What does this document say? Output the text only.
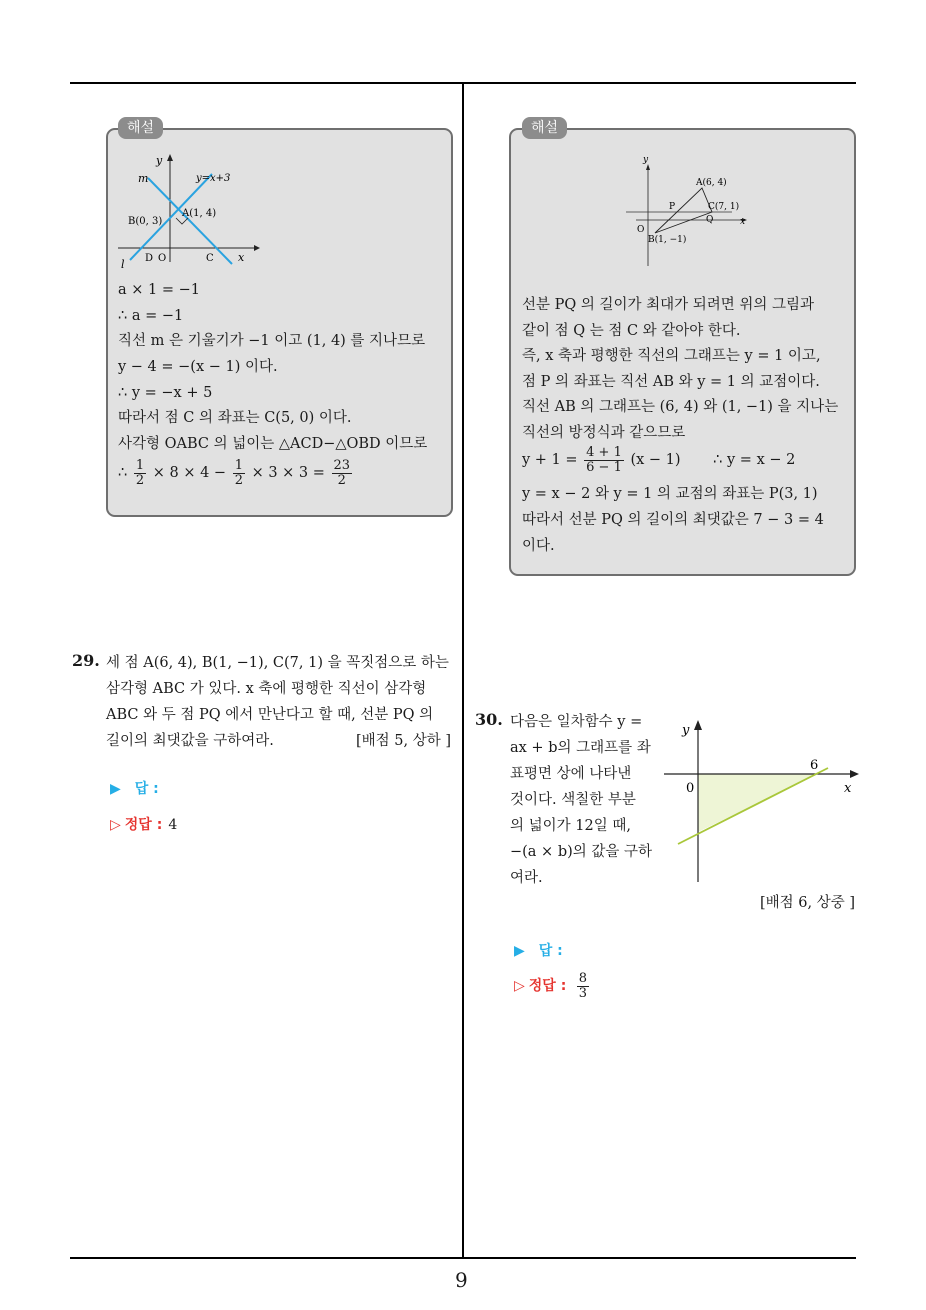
해설
y
m	y=x+3
A(1, 4)
B(0, 3)
D O	C x
l
a × 1 = −1
∴ a = −1
직선 m 은 기울기가 −1 이고 (1, 4) 를 지나므로
y − 4 = −(x − 1) 이다.
∴ y = −x + 5
따라서 점 C 의 좌표는 C(5, 0) 이다.
사각형 OABC 의 넓이는 △ACD−△OBD 이므로
∴ $\frac{1}{2} \times 8 \times 4 - \frac{1}{2} \times 3 \times 3 = \frac{23}{2}$
해설
y
A(6, 4)
C(7, 1)
P
Q	x
O
B(1, −1)
선분 PQ 의 길이가 최대가 되려면 위의 그림과
같이 점 Q 는 점 C 와 같아야 한다.
즉, x 축과 평행한 직선의 그래프는 y = 1 이고,
점 P 의 좌표는 직선 AB 와 y = 1 의 교점이다.
직선 AB 의 그래프는 (6, 4) 와 (1, −1) 을 지나는
직선의 방정식과 같으므로
$y + 1 = \frac{4 + 1}{6 - 1} (x - 1)$ ∴ y = x − 2
y = x − 2 와 y = 1 의 교점의 좌표는 P(3, 1)
따라서 선분 PQ 의 길이의 최댓값은 7 − 3 = 4
이다.
29. 세 점 A(6, 4), B(1, −1), C(7, 1) 을 꼭짓점으로 하는
삼각형 ABC 가 있다. x 축에 평행한 직선이 삼각형
ABC 와 두 점 PQ 에서 만난다고 할 때, 선분 PQ 의
길이의 최댓값을 구하여라.	[배점 5, 상하 ]
▶ 답 :
▷ 정답 : 4
30. 다음은 일차함수 y =
ax + b의 그래프를 좌
표평면 상에 나타낸
것이다. 색칠한 부분
의 넓이가 12일 때,
−(a × b)의 값을 구하
여라.
y
0
6
x
[배점 6, 상중 ]
▶ 답 :
▷ 정답 : $\frac{8}{3}$
9
